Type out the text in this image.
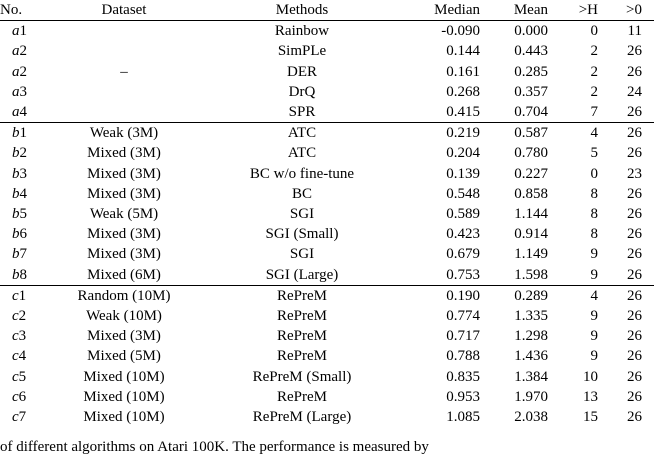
No.	Dataset	Methods	Median	Mean	>H	>0
a1		Rainbow	-0.090	0.000	0	11
a2		SimPLe	0.144	0.443	2	26
a2	–	DER	0.161	0.285	2	26
a3		DrQ	0.268	0.357	2	24
a4		SPR	0.415	0.704	7	26
b1	Weak (3M)	ATC	0.219	0.587	4	26
b2	Mixed (3M)	ATC	0.204	0.780	5	26
b3	Mixed (3M)	BC w/o fine-tune	0.139	0.227	0	23
b4	Mixed (3M)	BC	0.548	0.858	8	26
b5	Weak (5M)	SGI	0.589	1.144	8	26
b6	Mixed (3M)	SGI (Small)	0.423	0.914	8	26
b7	Mixed (3M)	SGI	0.679	1.149	9	26
b8	Mixed (6M)	SGI (Large)	0.753	1.598	9	26
c1	Random (10M)	RePreM	0.190	0.289	4	26
c2	Weak (10M)	RePreM	0.774	1.335	9	26
c3	Mixed (3M)	RePreM	0.717	1.298	9	26
c4	Mixed (5M)	RePreM	0.788	1.436	9	26
c5	Mixed (10M)	RePreM (Small)	0.835	1.384	10	26
c6	Mixed (10M)	RePreM	0.953	1.970	13	26
c7	Mixed (10M)	RePreM (Large)	1.085	2.038	15	26
of different algorithms on Atari 100K. The performance is measured by
